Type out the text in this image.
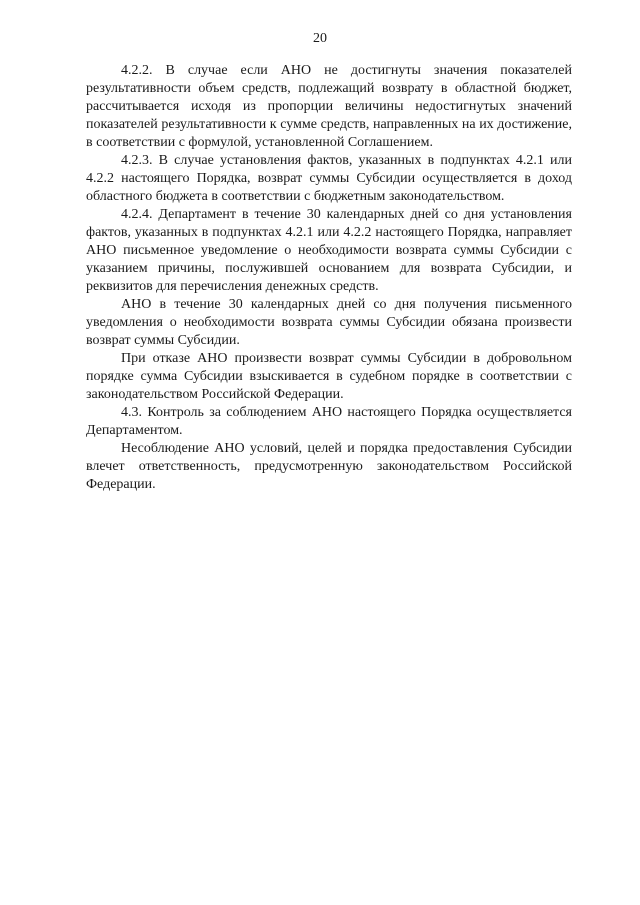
20

4.2.2. В случае если АНО не достигнуты значения показателей результативности объем средств, подлежащий возврату в областной бюджет, рассчитывается исходя из пропорции величины недостигнутых значений показателей результативности к сумме средств, направленных на их достижение, в соответствии с формулой, установленной Соглашением.

4.2.3. В случае установления фактов, указанных в подпунктах 4.2.1 или 4.2.2 настоящего Порядка, возврат суммы Субсидии осуществляется в доход областного бюджета в соответствии с бюджетным законодательством.

4.2.4. Департамент в течение 30 календарных дней со дня установления фактов, указанных в подпунктах 4.2.1 или 4.2.2 настоящего Порядка, направляет АНО письменное уведомление о необходимости возврата суммы Субсидии с указанием причины, послужившей основанием для возврата Субсидии, и реквизитов для перечисления денежных средств.

АНО в течение 30 календарных дней со дня получения письменного уведомления о необходимости возврата суммы Субсидии обязана произвести возврат суммы Субсидии.

При отказе АНО произвести возврат суммы Субсидии в добровольном порядке сумма Субсидии взыскивается в судебном порядке в соответствии с законодательством Российской Федерации.

4.3. Контроль за соблюдением АНО настоящего Порядка осуществляется Департаментом.

Несоблюдение АНО условий, целей и порядка предоставления Субсидии влечет ответственность, предусмотренную законодательством Российской Федерации.
